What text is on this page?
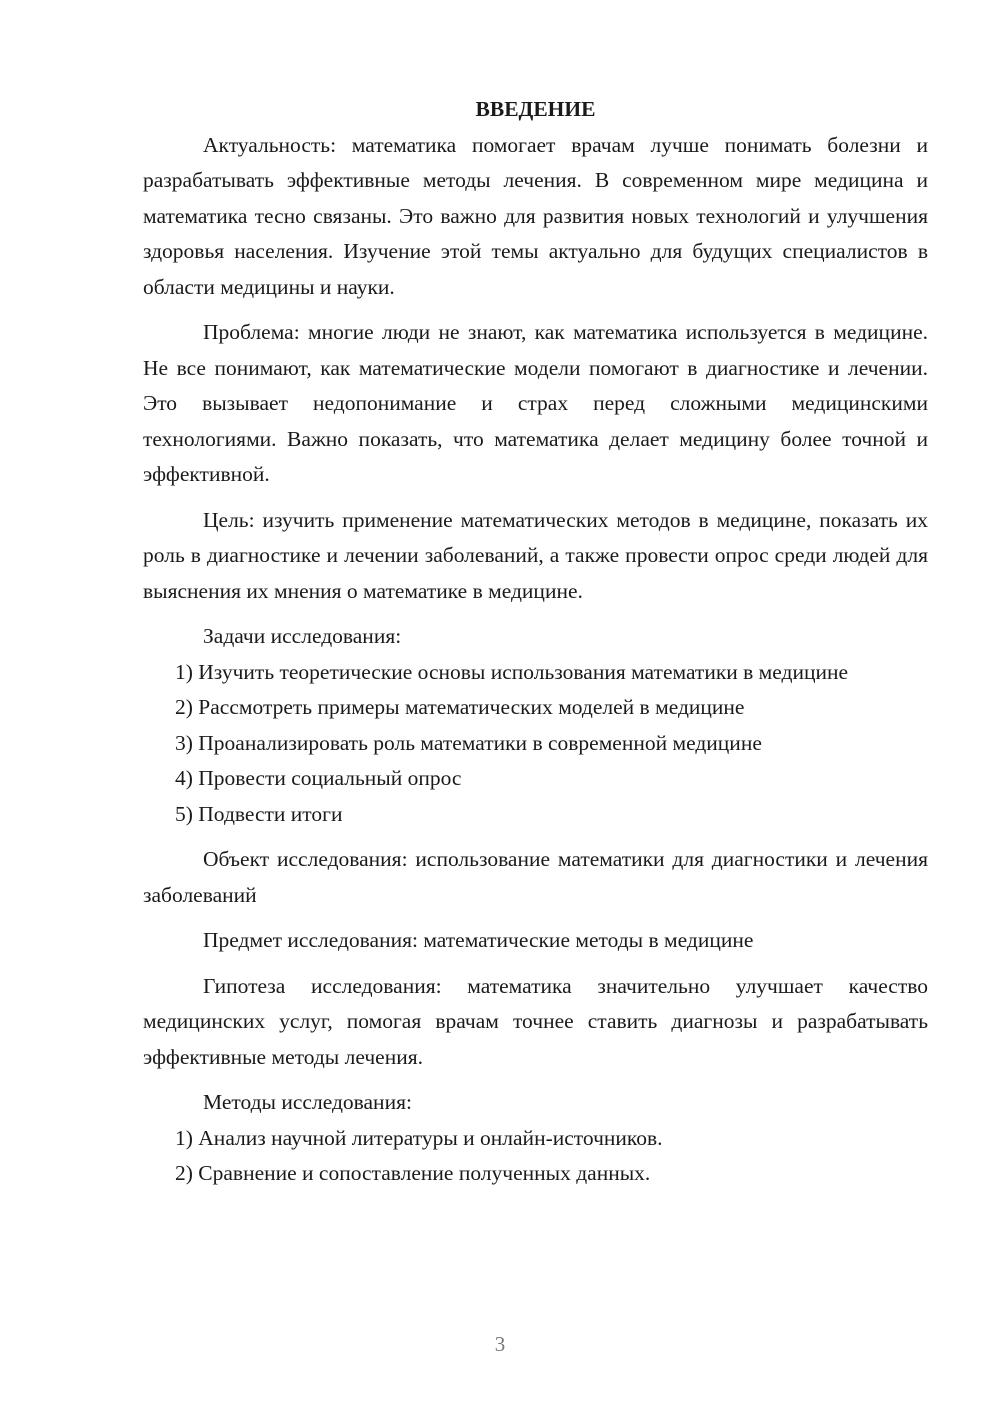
ВВЕДЕНИЕ

Актуальность: математика помогает врачам лучше понимать болезни и разрабатывать эффективные методы лечения. В современном мире медицина и математика тесно связаны. Это важно для развития новых технологий и улучшения здоровья населения. Изучение этой темы актуально для будущих специалистов в области медицины и науки.

Проблема: многие люди не знают, как математика используется в медицине. Не все понимают, как математические модели помогают в диагностике и лечении. Это вызывает недопонимание и страх перед сложными медицинскими технологиями. Важно показать, что математика делает медицину более точной и эффективной.

Цель: изучить применение математических методов в медицине, показать их роль в диагностике и лечении заболеваний, а также провести опрос среди людей для выяснения их мнения о математике в медицине.

Задачи исследования:

1) Изучить теоретические основы использования математики в медицине

2) Рассмотреть примеры математических моделей в медицине

3) Проанализировать роль математики в современной медицине

4) Провести социальный опрос

5) Подвести итоги

Объект исследования: использование математики для диагностики и лечения заболеваний

Предмет исследования: математические методы в медицине

Гипотеза исследования: математика значительно улучшает качество медицинских услуг, помогая врачам точнее ставить диагнозы и разрабатывать эффективные методы лечения.

Методы исследования:

1) Анализ научной литературы и онлайн-источников.

2) Сравнение и сопоставление полученных данных.

3
